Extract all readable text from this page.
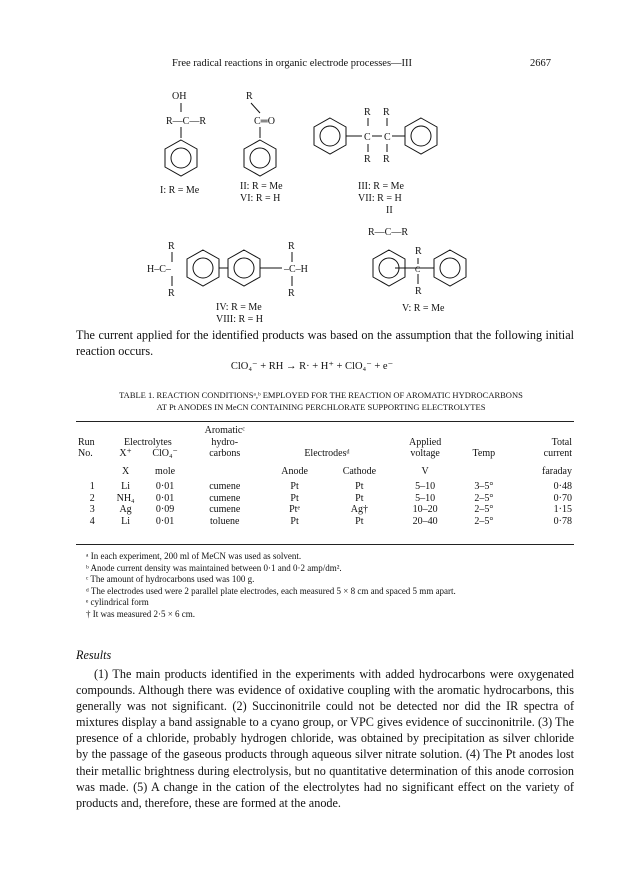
Free radical reactions in organic electrode processes—III	2667
OH
R—C—R
R
C═O
R R
C C
R R
II
R—C—R
R
H–C–	–C–H
R
R
R
R
C
R
I: R = Me	II: R = Me
VI: R = H
III: R = Me
VII: R = H
IV: R = Me
VIII: R = H
V: R = Me
The current applied for the identified products was based on the assumption that the following initial reaction occurs.
ClO₄⁻ + RH → R· + H⁺ + ClO₄⁻ + e⁻
TABLE 1. REACTION CONDITIONSᵃ,ᵇ EMPLOYED FOR THE REACTION OF AROMATIC HYDROCARBONS
AT Pt ANODES IN MeCN CONTAINING PERCHLORATE SUPPORTING ELECTROLYTES
			Aromaticᶜ					
Run	Electrolytes		hydro-			Applied		Total
No.	X⁺	ClO₄⁻	carbons	Electrodesᵈ		voltage	Temp	current

	X	mole		Anode	Cathode	V		faraday

1	Li	0·01	cumene	Pt	Pt	5–10	3–5°	0·48
2	NH₄	0·01	cumene	Pt	Pt	5–10	2–5°	0·70
3	Ag	0·09	cumene	Ptᵉ	Ag†	10–20	2–5°	1·15
4	Li	0·01	toluene	Pt	Pt	20–40	2–5°	0·78
ᵃ In each experiment, 200 ml of MeCN was used as solvent.
ᵇ Anode current density was maintained between 0·1 and 0·2 amp/dm².
ᶜ The amount of hydrocarbons used was 100 g.
ᵈ The electrodes used were 2 parallel plate electrodes, each measured 5 × 8 cm and spaced 5 mm apart.
ᵉ cylindrical form
† It was measured 2·5 × 6 cm.
Results
(1) The main products identified in the experiments with added hydrocarbons were oxygenated compounds. Although there was evidence of oxidative coupling with the aromatic hydrocarbons, this generally was not significant. (2) Succinonitrile could not be detected nor did the IR spectra of mixtures display a band assignable to a cyano group, or VPC gives evidence of succinonitrile. (3) The presence of a chloride, probably hydrogen chloride, was obtained by precipitation as silver chloride by the passage of the gaseous products through aqueous silver nitrate solution. (4) The Pt anodes lost their metallic brightness during electrolysis, but no quantitative determination of this anode corrosion was made. (5) A change in the cation of the electrolytes had no significant effect on the variety of products and, therefore, these are formed at the anode.
